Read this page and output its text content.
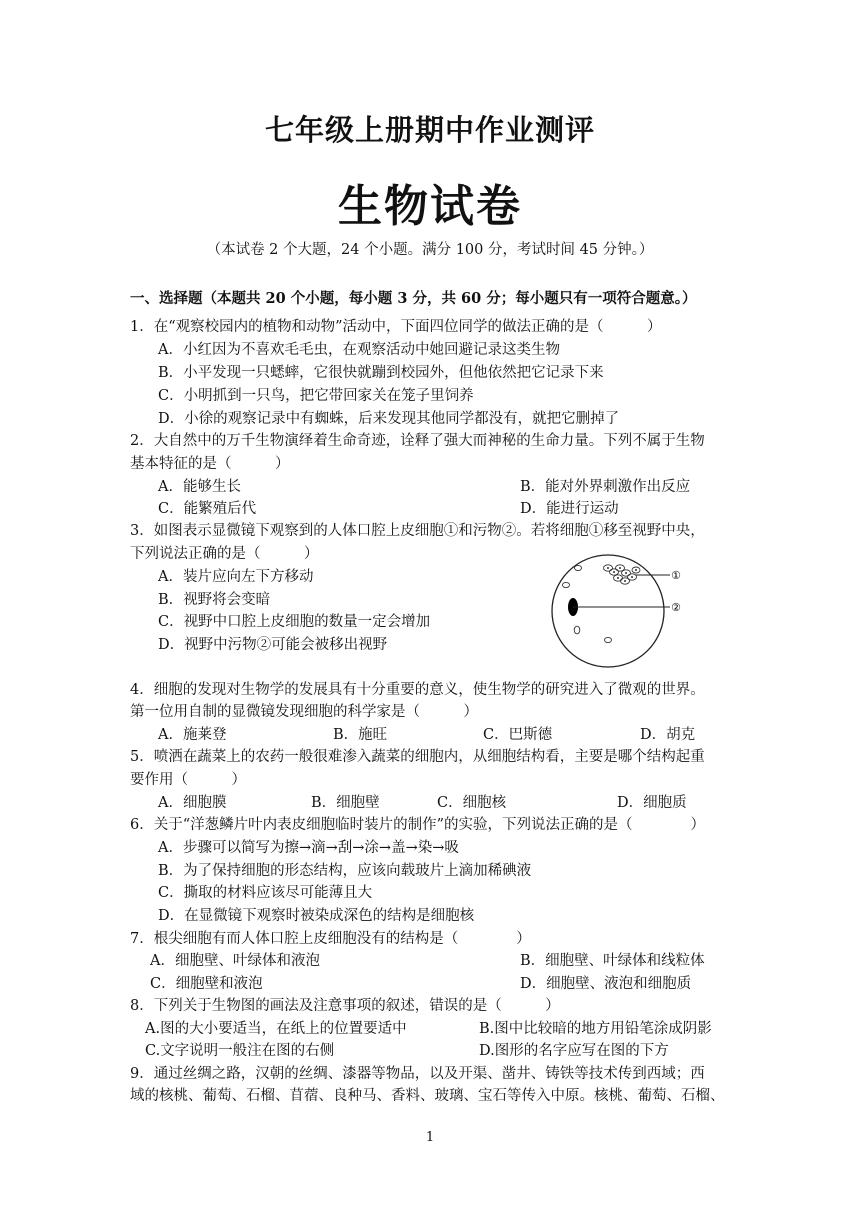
七年级上册期中作业测评
生物试卷
（本试卷 2 个大题，24 个小题。满分 100 分，考试时间 45 分钟。）
一、选择题（本题共 20 个小题，每小题 3 分，共 60 分；每小题只有一项符合题意。）
1．在“观察校园内的植物和动物”活动中，下面四位同学的做法正确的是（　　　）
A．小红因为不喜欢毛毛虫，在观察活动中她回避记录这类生物
B．小平发现一只蟋蟀，它很快就蹦到校园外，但他依然把它记录下来
C．小明抓到一只鸟，把它带回家关在笼子里饲养
D．小徐的观察记录中有蜘蛛，后来发现其他同学都没有，就把它删掉了
2．大自然中的万千生物演绎着生命奇迹，诠释了强大而神秘的生命力量。下列不属于生物
基本特征的是（　　　）
A．能够生长	B．能对外界刺激作出反应
C．能繁殖后代	D．能进行运动
3．如图表示显微镜下观察到的人体口腔上皮细胞①和污物②。若将细胞①移至视野中央，
下列说法正确的是（　　　）
A．装片应向左下方移动
B．视野将会变暗
C．视野中口腔上皮细胞的数量一定会增加
D．视野中污物②可能会被移出视野
①
②
4．细胞的发现对生物学的发展具有十分重要的意义，使生物学的研究进入了微观的世界。
第一位用自制的显微镜发现细胞的科学家是（　　　）
A．施莱登	B．施旺	C．巴斯德	D．胡克
5．喷洒在蔬菜上的农药一般很难渗入蔬菜的细胞内，从细胞结构看，主要是哪个结构起重
要作用（　　　）
A．细胞膜	B．细胞壁	C．细胞核	D．细胞质
6．关于“洋葱鳞片叶内表皮细胞临时装片的制作”的实验，下列说法正确的是（　　　　）
A．步骤可以简写为擦→滴→刮→涂→盖→染→吸
B．为了保持细胞的形态结构，应该向载玻片上滴加稀碘液
C．撕取的材料应该尽可能薄且大
D．在显微镜下观察时被染成深色的结构是细胞核
7．根尖细胞有而人体口腔上皮细胞没有的结构是（　　　　）
A．细胞壁、叶绿体和液泡	B．细胞壁、叶绿体和线粒体
C．细胞壁和液泡	D．细胞壁、液泡和细胞质
8．下列关于生物图的画法及注意事项的叙述，错误的是（　　　）
A.图的大小要适当，在纸上的位置要适中	B.图中比较暗的地方用铅笔涂成阴影
C.文字说明一般注在图的右侧	D.图形的名字应写在图的下方
9．通过丝绸之路，汉朝的丝绸、漆器等物品，以及开渠、凿井、铸铁等技术传到西域；西
域的核桃、葡萄、石榴、苜蓿、良种马、香料、玻璃、宝石等传入中原。核桃、葡萄、石榴、
1
